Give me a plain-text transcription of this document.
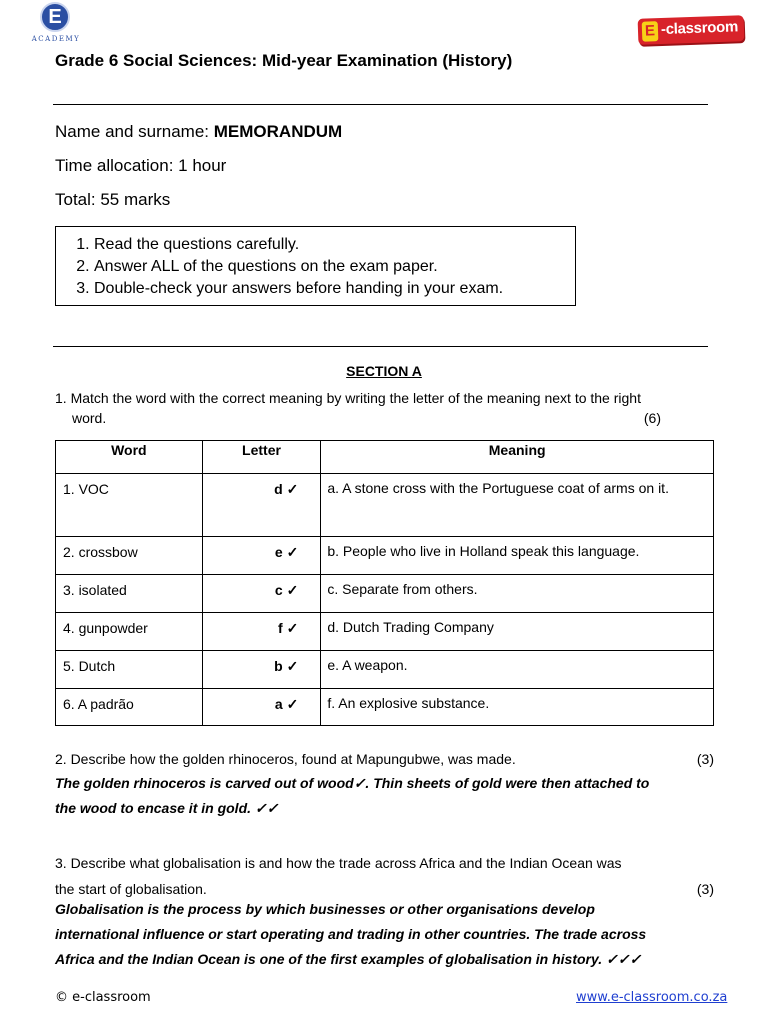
E
ACADEMY	E -classroom
Grade 6 Social Sciences: Mid-year Examination (History)
Name and surname: MEMORANDUM
Time allocation: 1 hour
Total: 55 marks
1. Read the questions carefully.
2. Answer ALL of the questions on the exam paper.
3. Double-check your answers before handing in your exam.
SECTION A
1. Match the word with the correct meaning by writing the letter of the meaning next to the right
word.	(6)
Word	Letter	Meaning
1. VOC	d ✓	a. A stone cross with the Portuguese coat of arms on it.
2. crossbow	e ✓	b. People who live in Holland speak this language.
3. isolated	c ✓	c. Separate from others.
4. gunpowder	f ✓	d. Dutch Trading Company
5. Dutch	b ✓	e. A weapon.
6. A padrão	a ✓	f. An explosive substance.
2. Describe how the golden rhinoceros, found at Mapungubwe, was made.	(3)
The golden rhinoceros is carved out of wood✓. Thin sheets of gold were then attached to
the wood to encase it in gold. ✓✓
3. Describe what globalisation is and how the trade across Africa and the Indian Ocean was
the start of globalisation.	(3)
Globalisation is the process by which businesses or other organisations develop
international influence or start operating and trading in other countries. The trade across
Africa and the Indian Ocean is one of the first examples of globalisation in history. ✓✓✓
© e-classroom	www.e-classroom.co.za
